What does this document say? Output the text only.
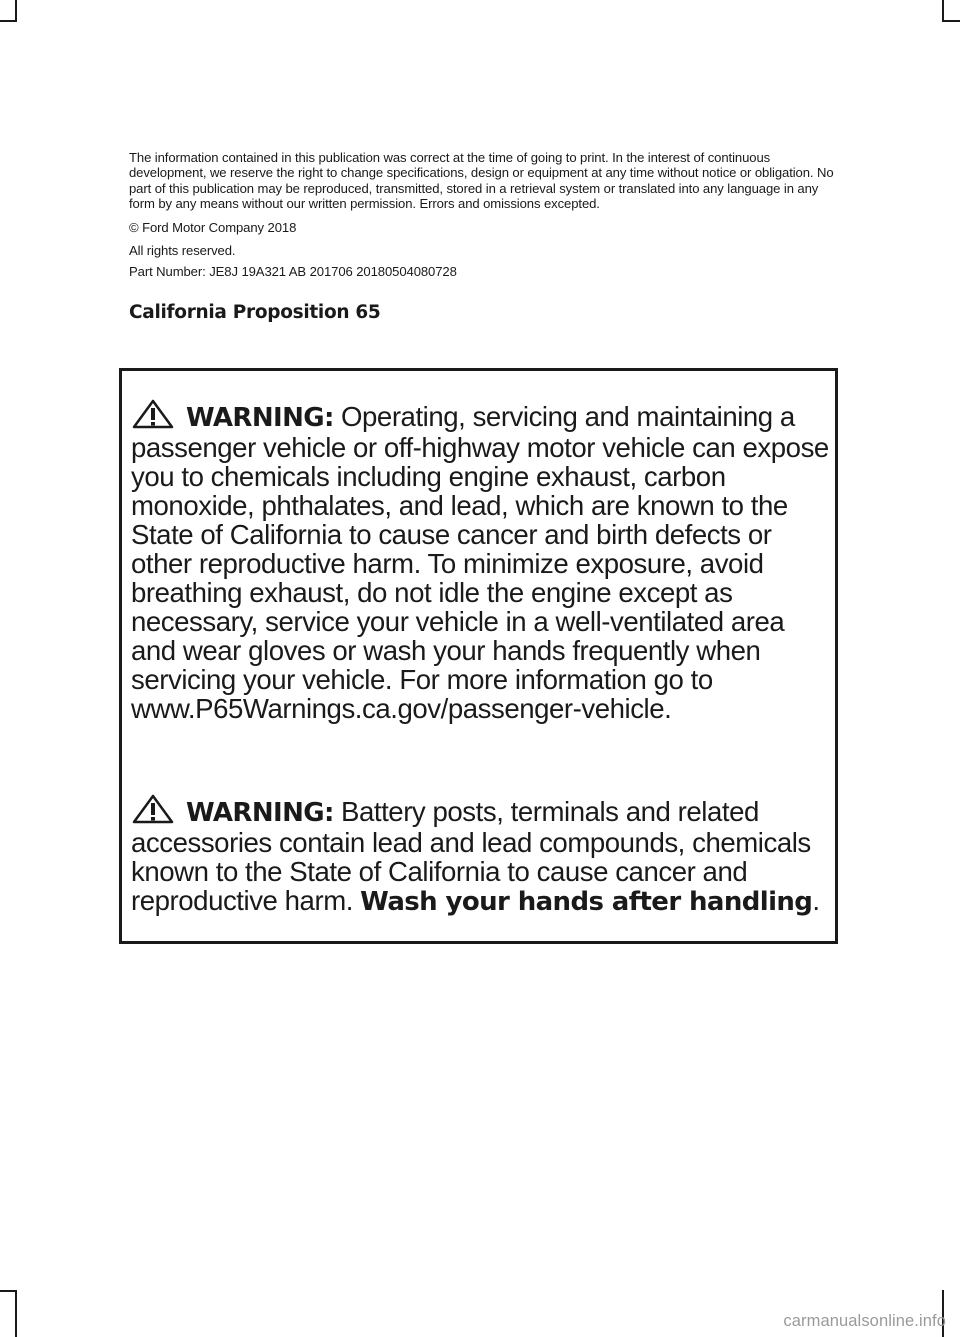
The information contained in this publication was correct at the time of going to print. In the interest of continuous development, we reserve the right to change specifications, design or equipment at any time without notice or obligation. No part of this publication may be reproduced, transmitted, stored in a retrieval system or translated into any language in any form by any means without our written permission. Errors and omissions excepted.

© Ford Motor Company 2018

All rights reserved.

Part Number: JE8J 19A321 AB 201706 20180504080728

California Proposition 65
WARNING: Operating, servicing and maintaining a passenger vehicle or off-highway motor vehicle can expose you to chemicals including engine exhaust, carbon monoxide, phthalates, and lead, which are known to the State of California to cause cancer and birth defects or other reproductive harm. To minimize exposure, avoid breathing exhaust, do not idle the engine except as necessary, service your vehicle in a well-ventilated area and wear gloves or wash your hands frequently when servicing your vehicle. For more information go to www.P65Warnings.ca.gov/passenger-vehicle.
WARNING: Battery posts, terminals and related accessories contain lead and lead compounds, chemicals known to the State of California to cause cancer and reproductive harm. Wash your hands after handling.
carmanualsonline.info
